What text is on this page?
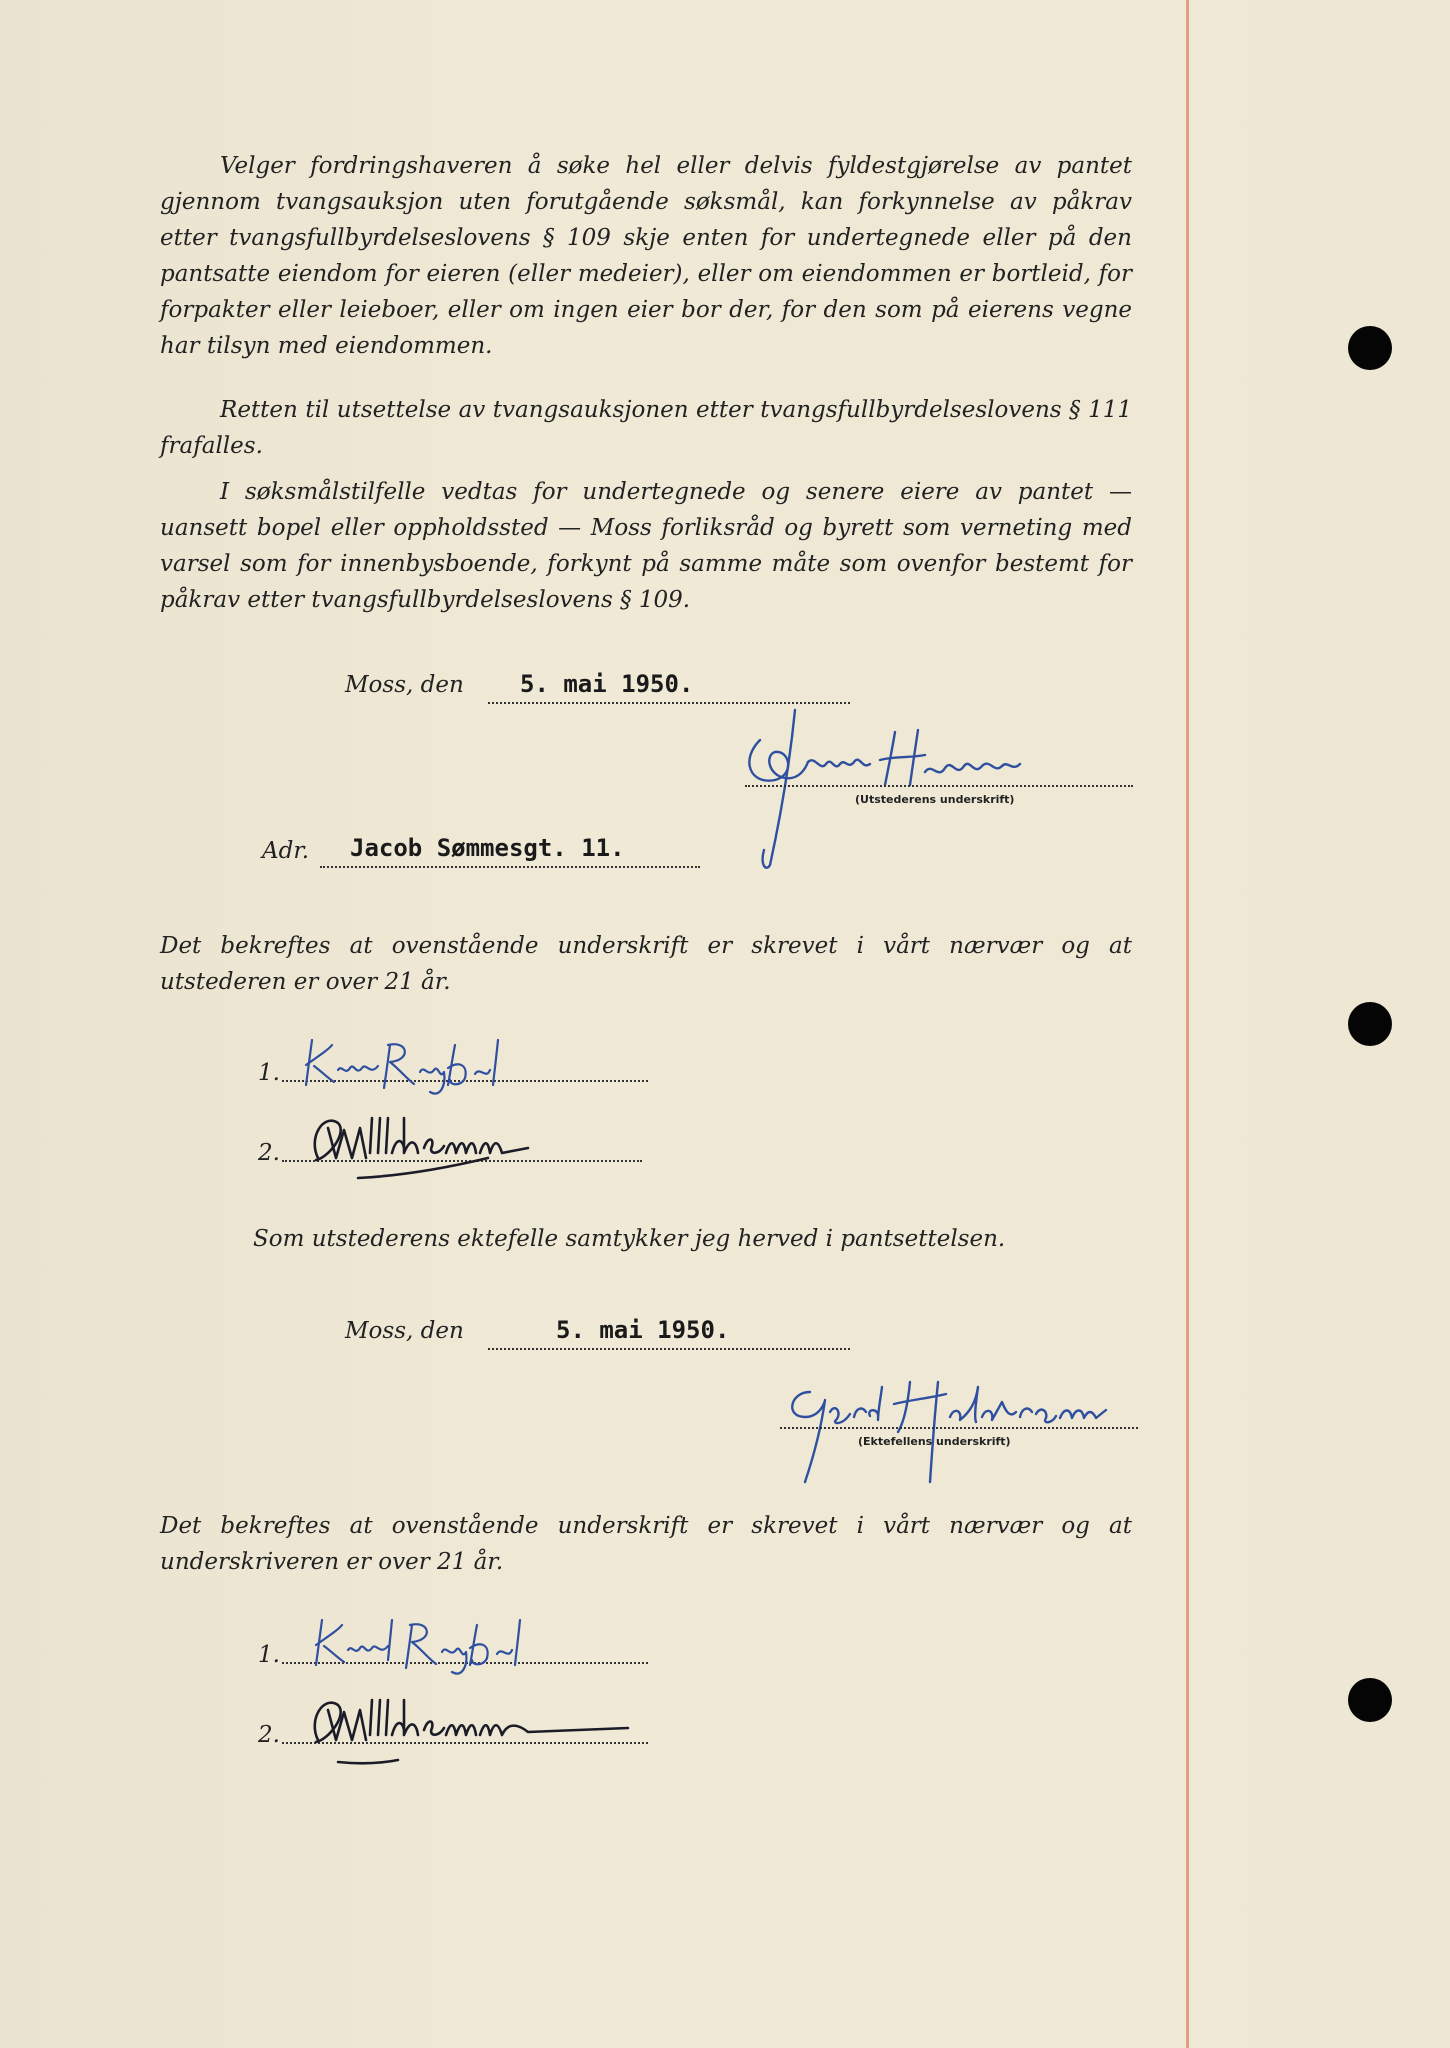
Velger fordringshaveren å søke hel eller delvis fyldestgjørelse av pantet gjennom tvangsauksjon uten forutgående søksmål, kan forkynnelse av påkrav etter tvangsfullbyrdelseslovens § 109 skje enten for undertegnede eller på den pantsatte eiendom for eieren (eller medeier), eller om eiendommen er bortleid, for forpakter eller leieboer, eller om ingen eier bor der, for den som på eierens vegne har tilsyn med eiendommen.
Retten til utsettelse av tvangsauksjonen etter tvangsfullbyrdelseslovens § 111 frafalles.
I søksmålstilfelle vedtas for undertegnede og senere eiere av pantet — uansett bopel eller oppholdssted — Moss forliksråd og byrett som verneting med varsel som for innenbysboende, forkynt på samme måte som ovenfor bestemt for påkrav etter tvangsfullbyrdelseslovens § 109.
Moss, den 5. mai 1950.
(Utstederens underskrift)
Adr. Jacob Sømmesgt. 11.
Det bekreftes at ovenstående underskrift er skrevet i vårt nærvær og at utstederen er over 21 år.
1.
2.
Som utstederens ektefelle samtykker jeg herved i pantsettelsen.
Moss, den	5. mai 1950.
(Ektefellens underskrift)
Det bekreftes at ovenstående underskrift er skrevet i vårt nærvær og at underskriveren er over 21 år.
1.
2.
